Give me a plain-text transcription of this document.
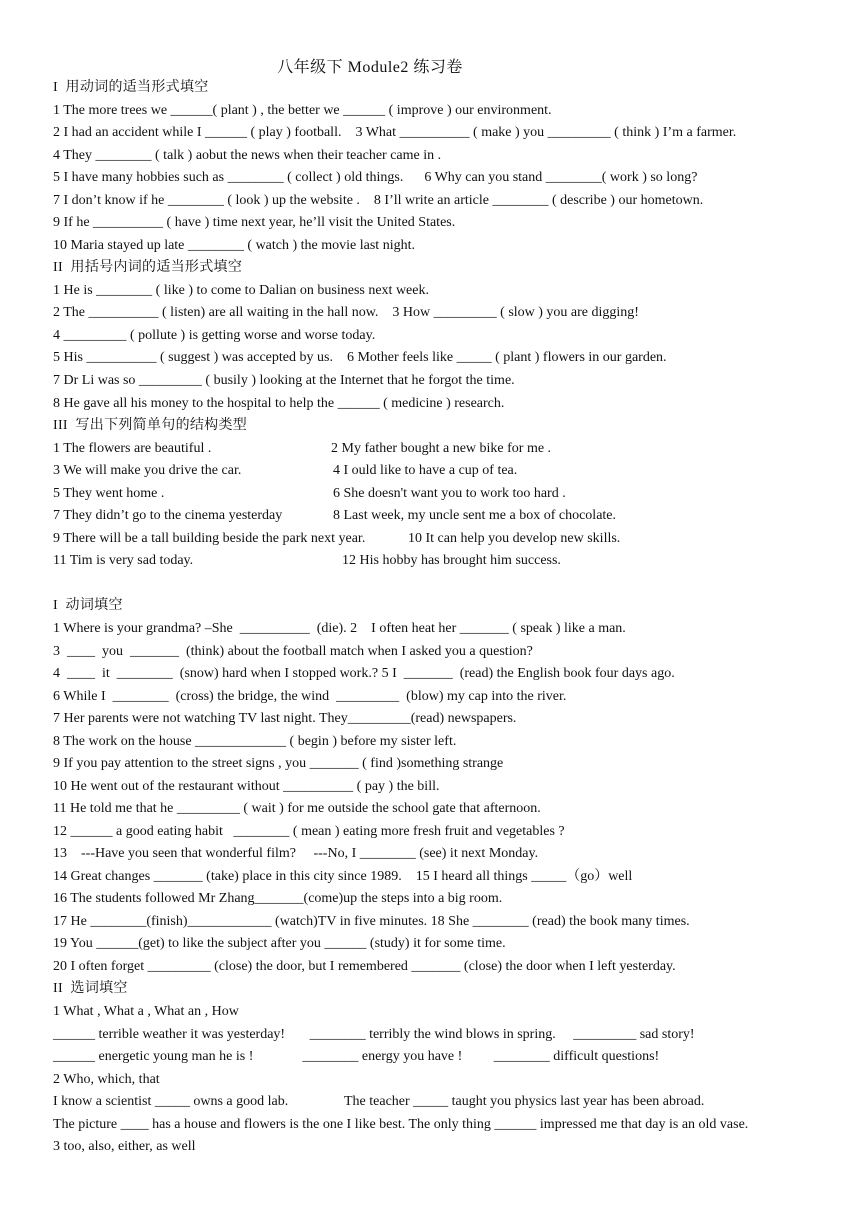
八年级下 Module2 练习卷
I  用动词的适当形式填空
1 The more trees we ______( plant ) , the better we ______ ( improve ) our environment.
2 I had an accident while I ______ ( play ) football.    3 What __________ ( make ) you _________ ( think ) I’m a farmer.
4 They ________ ( talk ) aobut the news when their teacher came in .
5 I have many hobbies such as ________ ( collect ) old things.      6 Why can you stand ________( work ) so long?
7 I don’t know if he ________ ( look ) up the website .    8 I’ll write an article ________ ( describe ) our hometown.
9 If he __________ ( have ) time next year, he’ll visit the United States.
10 Maria stayed up late ________ ( watch ) the movie last night.
II  用括号内词的适当形式填空
1 He is ________ ( like ) to come to Dalian on business next week.
2 The __________ ( listen) are all waiting in the hall now.    3 How _________ ( slow ) you are digging!
4 _________ ( pollute ) is getting worse and worse today.
5 His __________ ( suggest ) was accepted by us.    6 Mother feels like _____ ( plant ) flowers in our garden.
7 Dr Li was so _________ ( busily ) looking at the Internet that he forgot the time.
8 He gave all his money to the hospital to help the ______ ( medicine ) research.
III  写出下列简单句的结构类型
1 The flowers are beautiful .	2 My father bought a new bike for me .
3 We will make you drive the car.	4 I ould like to have a cup of tea.
5 They went home .	6 She doesn't want you to work too hard .
7 They didn’t go to the cinema yesterday	8 Last week, my uncle sent me a box of chocolate.
9 There will be a tall building beside the park next year.	10 It can help you develop new skills.
11 Tim is very sad today.	12 His hobby has brought him success.
I  动词填空
1 Where is your grandma? –She  __________  (die). 2    I often heat her _______ ( speak ) like a man.
3  ____  you  _______  (think) about the football match when I asked you a question?
4  ____  it  ________  (snow) hard when I stopped work.? 5 I  _______  (read) the English book four days ago.
6 While I  ________  (cross) the bridge, the wind  _________  (blow) my cap into the river.
7 Her parents were not watching TV last night. They_________(read) newspapers.
8 The work on the house _____________ ( begin ) before my sister left.
9 If you pay attention to the street signs , you _______ ( find )something strange
10 He went out of the restaurant without __________ ( pay ) the bill.
11 He told me that he _________ ( wait ) for me outside the school gate that afternoon.
12 ______ a good eating habit   ________ ( mean ) eating more fresh fruit and vegetables ?
13    ---Have you seen that wonderful film?     ---No, I ________ (see) it next Monday.
14 Great changes _______ (take) place in this city since 1989.    15 I heard all things _____（go）well
16 The students followed Mr Zhang_______(come)up the steps into a big room.
17 He ________(finish)____________ (watch)TV in five minutes. 18 She ________ (read) the book many times.
19 You ______(get) to like the subject after you ______ (study) it for some time.
20 I often forget _________ (close) the door, but I remembered _______ (close) the door when I left yesterday.
II  选词填空
1 What , What a , What an , How
______ terrible weather it was yesterday!       ________ terribly the wind blows in spring.     _________ sad story!
______ energetic young man he is !              ________ energy you have !         ________ difficult questions!
2 Who, which, that
I know a scientist _____ owns a good lab.                The teacher _____ taught you physics last year has been abroad.
The picture ____ has a house and flowers is the one I like best. The only thing ______ impressed me that day is an old vase.
3 too, also, either, as well
